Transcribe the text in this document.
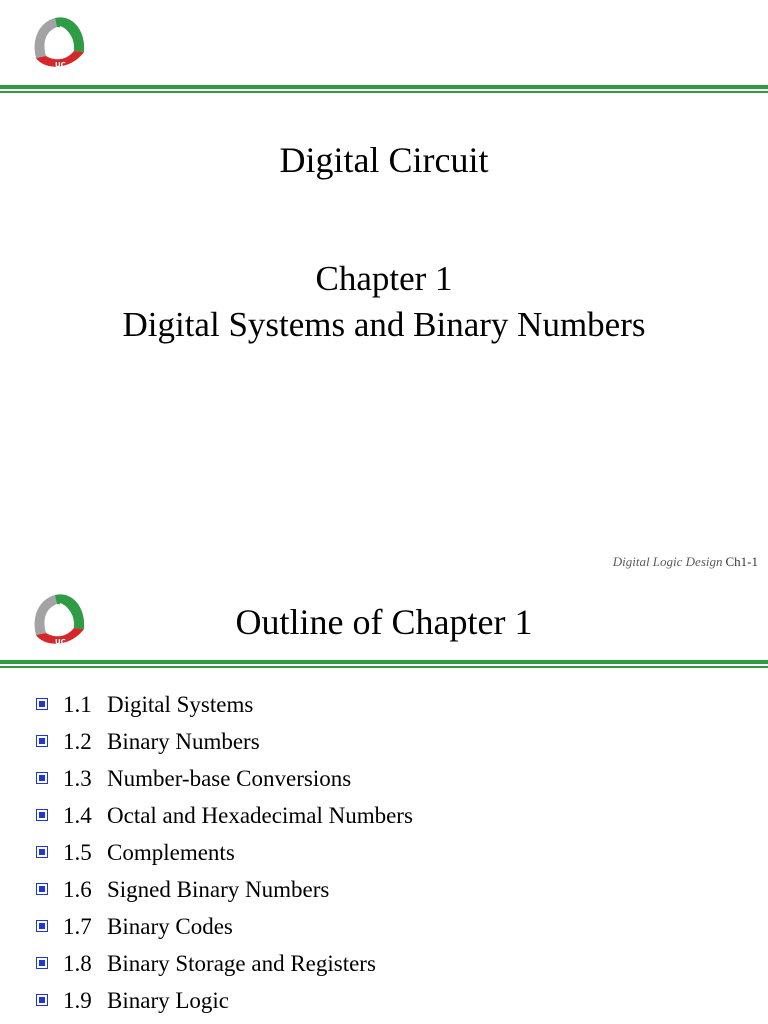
UC
Digital Circuit
Chapter 1
Digital Systems and Binary Numbers
Digital Logic Design Ch1-1
UC	Outline of Chapter 1
1.1 Digital Systems
1.2 Binary Numbers
1.3 Number-base Conversions
1.4 Octal and Hexadecimal Numbers
1.5 Complements
1.6 Signed Binary Numbers
1.7 Binary Codes
1.8 Binary Storage and Registers
1.9 Binary Logic
